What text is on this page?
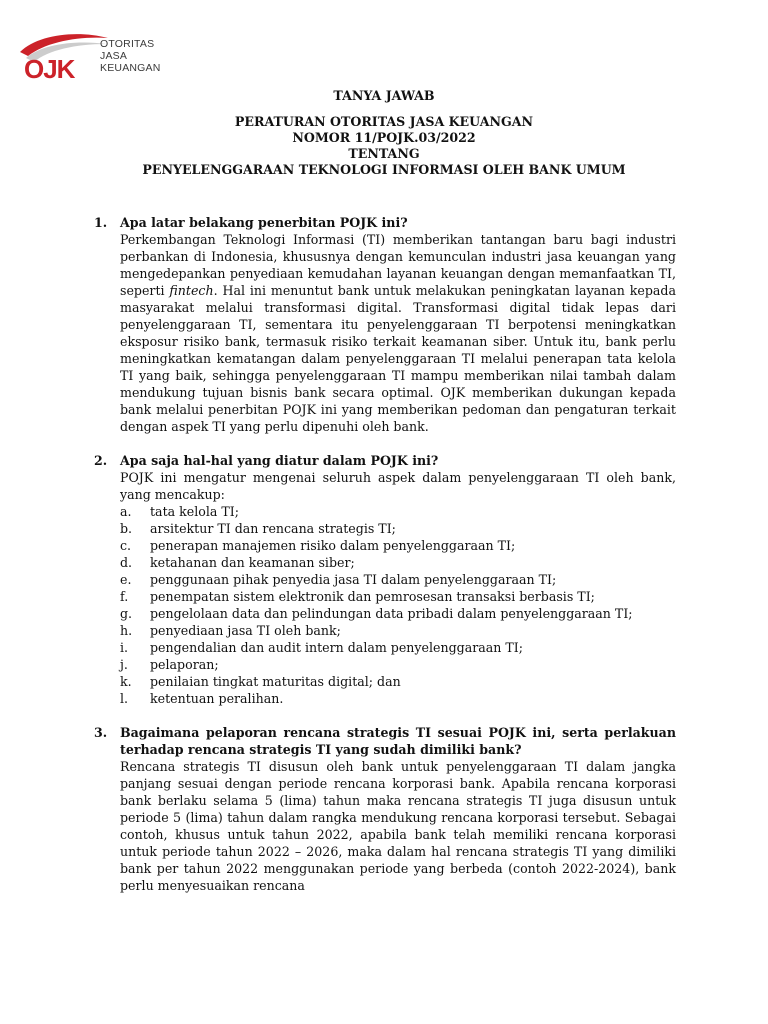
OJK
OTORITAS
JASA
KEUANGAN
TANYA JAWAB
PERATURAN OTORITAS JASA KEUANGAN
NOMOR 11/POJK.03/2022
TENTANG
PENYELENGGARAAN TEKNOLOGI INFORMASI OLEH BANK UMUM
1.	Apa latar belakang penerbitan POJK ini?
Perkembangan Teknologi Informasi (TI) memberikan tantangan baru bagi industri perbankan di Indonesia, khususnya dengan kemunculan industri jasa keuangan yang mengedepankan penyediaan kemudahan layanan keuangan dengan memanfaatkan TI, seperti fintech. Hal ini menuntut bank untuk melakukan peningkatan layanan kepada masyarakat melalui transformasi digital. Transformasi digital tidak lepas dari penyelenggaraan TI, sementara itu penyelenggaraan TI berpotensi meningkatkan eksposur risiko bank, termasuk risiko terkait keamanan siber. Untuk itu, bank perlu meningkatkan kematangan dalam penyelenggaraan TI melalui penerapan tata kelola TI yang baik, sehingga penyelenggaraan TI mampu memberikan nilai tambah dalam mendukung tujuan bisnis bank secara optimal. OJK memberikan dukungan kepada bank melalui penerbitan POJK ini yang memberikan pedoman dan pengaturan terkait dengan aspek TI yang perlu dipenuhi oleh bank.
2.	Apa saja hal-hal yang diatur dalam POJK ini?
POJK ini mengatur mengenai seluruh aspek dalam penyelenggaraan TI oleh bank, yang mencakup:
a.	tata kelola TI;
b.	arsitektur TI dan rencana strategis TI;
c.	penerapan manajemen risiko dalam penyelenggaraan TI;
d.	ketahanan dan keamanan siber;
e.	penggunaan pihak penyedia jasa TI dalam penyelenggaraan TI;
f.	penempatan sistem elektronik dan pemrosesan transaksi berbasis TI;
g.	pengelolaan data dan pelindungan data pribadi dalam penyelenggaraan TI;
h.	penyediaan jasa TI oleh bank;
i.	pengendalian dan audit intern dalam penyelenggaraan TI;
j.	pelaporan;
k.	penilaian tingkat maturitas digital; dan
l.	ketentuan peralihan.
3.	Bagaimana pelaporan rencana strategis TI sesuai POJK ini, serta perlakuan terhadap rencana strategis TI yang sudah dimiliki bank?
Rencana strategis TI disusun oleh bank untuk penyelenggaraan TI dalam jangka panjang sesuai dengan periode rencana korporasi bank. Apabila rencana korporasi bank berlaku selama 5 (lima) tahun maka rencana strategis TI juga disusun untuk periode 5 (lima) tahun dalam rangka mendukung rencana korporasi tersebut. Sebagai contoh, khusus untuk tahun 2022, apabila bank telah memiliki rencana korporasi untuk periode tahun 2022 – 2026, maka dalam hal rencana strategis TI yang dimiliki bank per tahun 2022 menggunakan periode yang berbeda (contoh 2022-2024), bank perlu menyesuaikan rencana
